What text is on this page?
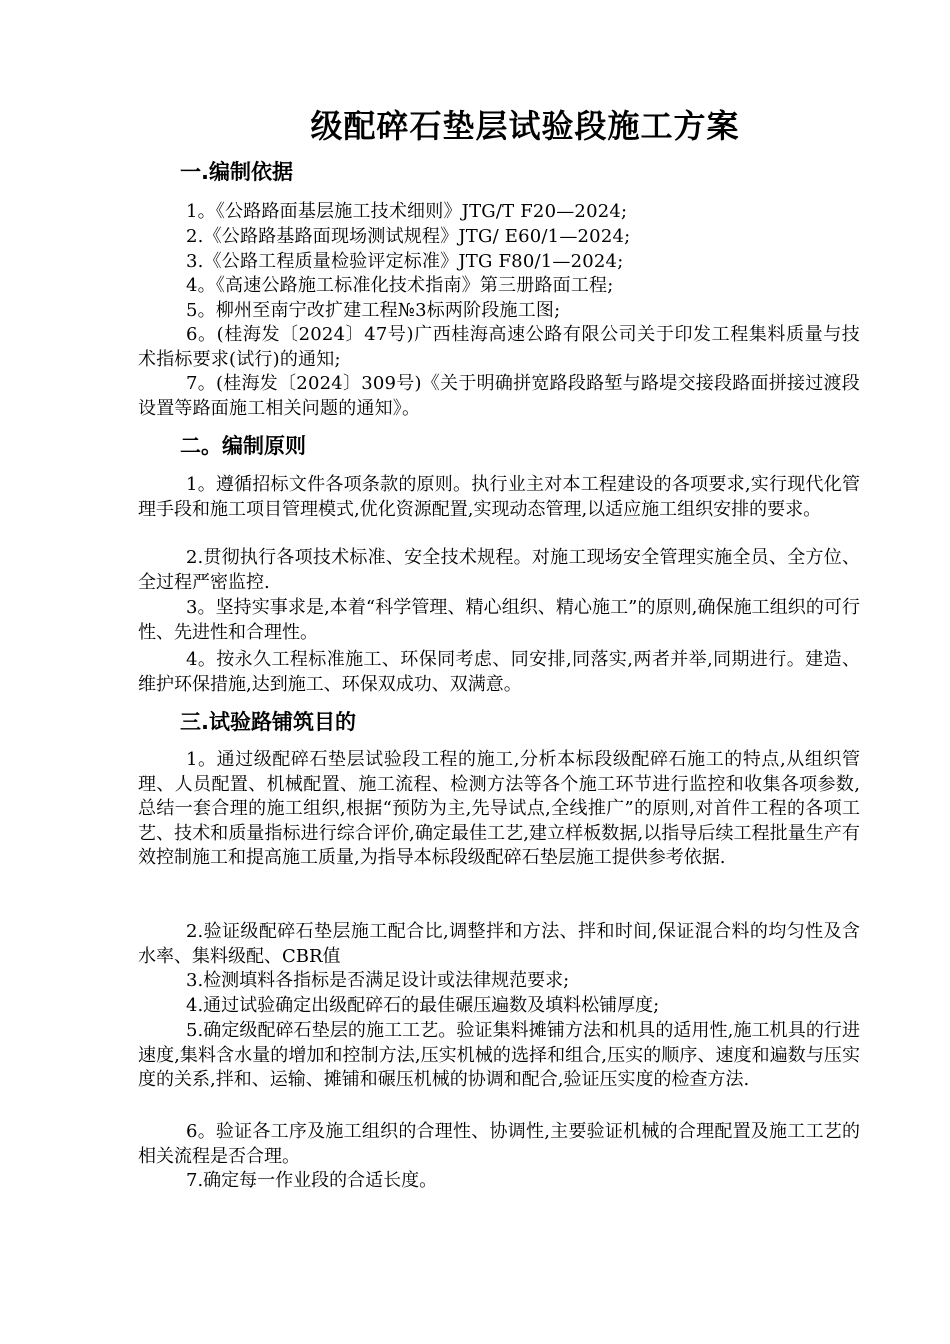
级配碎石垫层试验段施工方案
一.编制依据
1。《公路路面基层施工技术细则》JTG/T F20—2024;
2.《公路路基路面现场测试规程》JTG/ E60/1—2024;
3.《公路工程质量检验评定标准》JTG F80/1—2024;
4。《高速公路施工标准化技术指南》第三册路面工程;
5。柳州至南宁改扩建工程№3标两阶段施工图;
6。(桂海发〔2024〕47号)广西桂海高速公路有限公司关于印发工程集料质量与技术指标要求(试行)的通知;
7。(桂海发〔2024〕309号)《关于明确拼宽路段路堑与路堤交接段路面拼接过渡段设置等路面施工相关问题的通知》。
二。编制原则
1。遵循招标文件各项条款的原则。执行业主对本工程建设的各项要求,实行现代化管理手段和施工项目管理模式,优化资源配置,实现动态管理,以适应施工组织安排的要求。
2.贯彻执行各项技术标准、安全技术规程。对施工现场安全管理实施全员、全方位、全过程严密监控.
3。坚持实事求是,本着“科学管理、精心组织、精心施工”的原则,确保施工组织的可行性、先进性和合理性。
4。按永久工程标准施工、环保同考虑、同安排,同落实,两者并举,同期进行。建造、维护环保措施,达到施工、环保双成功、双满意。
三.试验路铺筑目的
1。通过级配碎石垫层试验段工程的施工,分析本标段级配碎石施工的特点,从组织管理、人员配置、机械配置、施工流程、检测方法等各个施工环节进行监控和收集各项参数,总结一套合理的施工组织,根据“预防为主,先导试点,全线推广”的原则,对首件工程的各项工艺、技术和质量指标进行综合评价,确定最佳工艺,建立样板数据,以指导后续工程批量生产有效控制施工和提高施工质量,为指导本标段级配碎石垫层施工提供参考依据.
2.验证级配碎石垫层施工配合比,调整拌和方法、拌和时间,保证混合料的均匀性及含水率、集料级配、CBR值
3.检测填料各指标是否满足设计或法律规范要求;
4.通过试验确定出级配碎石的最佳碾压遍数及填料松铺厚度;
5.确定级配碎石垫层的施工工艺。验证集料摊铺方法和机具的适用性,施工机具的行进速度,集料含水量的增加和控制方法,压实机械的选择和组合,压实的顺序、速度和遍数与压实度的关系,拌和、运输、摊铺和碾压机械的协调和配合,验证压实度的检查方法.
6。验证各工序及施工组织的合理性、协调性,主要验证机械的合理配置及施工工艺的相关流程是否合理。
7.确定每一作业段的合适长度。
